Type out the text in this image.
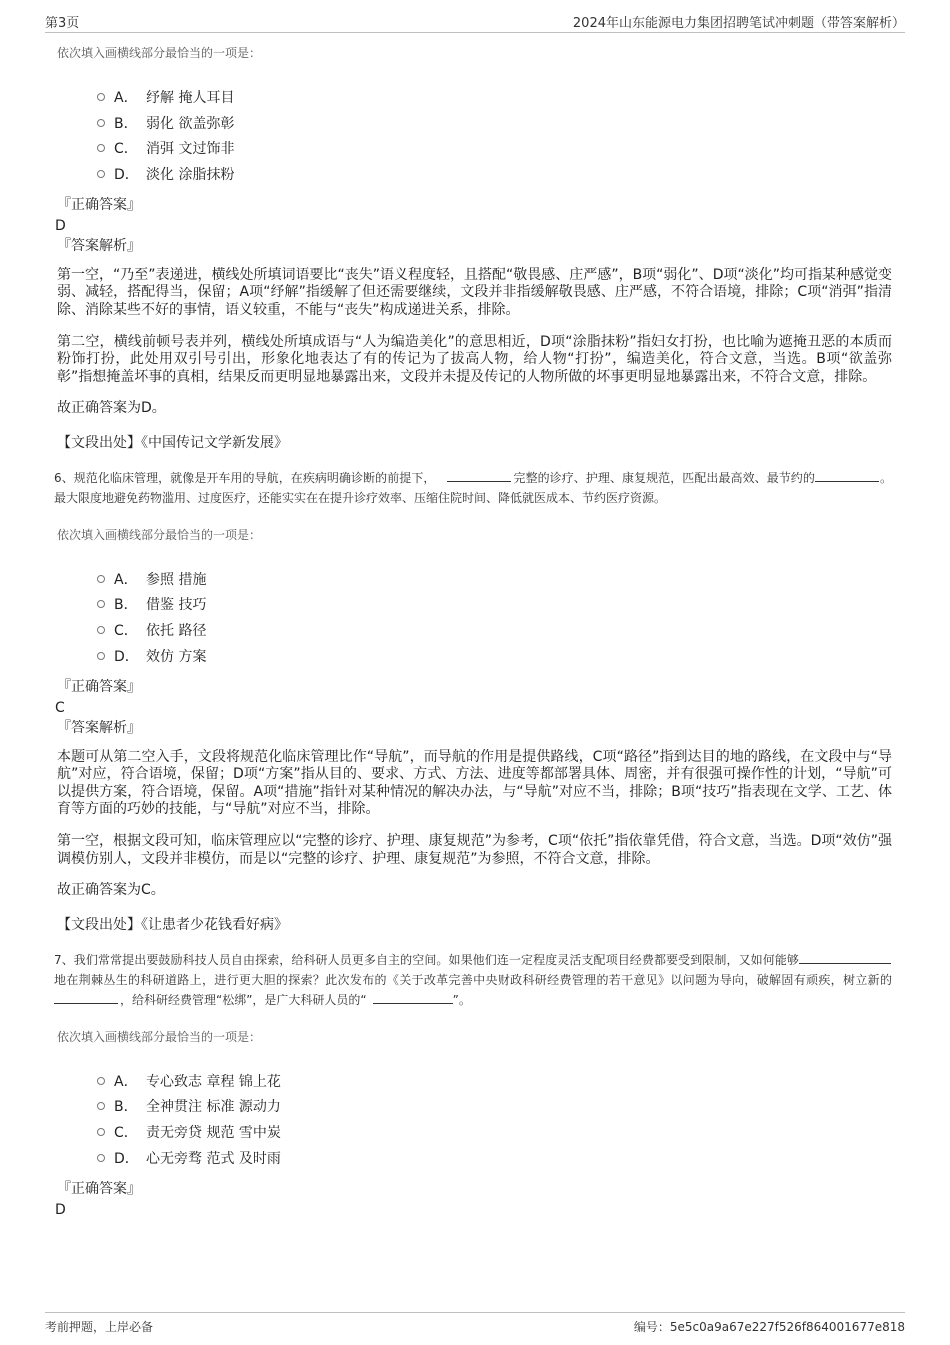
第3页	2024年山东能源电力集团招聘笔试冲刺题（带答案解析）

依次填入画横线部分最恰当的一项是：

A． 纾解 掩人耳目
B． 弱化 欲盖弥彰
C． 消弭 文过饰非
D． 淡化 涂脂抹粉

『正确答案』

D

『答案解析』

第一空，“乃至”表递进，横线处所填词语要比“丧失”语义程度轻，且搭配“敬畏感、庄严感”，B项“弱化”、D项“淡化”均可指某种感觉变弱、减轻，搭配得当，保留；A项“纾解”指缓解了但还需要继续，文段并非指缓解敬畏感、庄严感，不符合语境，排除；C项“消弭”指清除、消除某些不好的事情，语义较重，不能与“丧失”构成递进关系，排除。

第二空，横线前顿号表并列，横线处所填成语与“人为编造美化”的意思相近，D项“涂脂抹粉”指妇女打扮，也比喻为遮掩丑恶的本质而粉饰打扮，此处用双引号引出，形象化地表达了有的传记为了拔高人物，给人物“打扮”，编造美化，符合文意，当选。B项“欲盖弥彰”指想掩盖坏事的真相，结果反而更明显地暴露出来，文段并未提及传记的人物所做的坏事更明显地暴露出来，不符合文意，排除。

故正确答案为D。

【文段出处】《中国传记文学新发展》

6、规范化临床管理，就像是开车用的导航，在疾病明确诊断的前提下，	完整的诊疗、护理、康复规范，匹配出最高效、最节约的	。最大限度地避免药物滥用、过度医疗，还能实实在在提升诊疗效率、压缩住院时间、降低就医成本、节约医疗资源。

依次填入画横线部分最恰当的一项是：

A． 参照 措施
B． 借鉴 技巧
C． 依托 路径
D． 效仿 方案

『正确答案』

C

『答案解析』

本题可从第二空入手，文段将规范化临床管理比作“导航”，而导航的作用是提供路线，C项“路径”指到达目的地的路线，在文段中与“导航”对应，符合语境，保留；D项“方案”指从目的、要求、方式、方法、进度等都部署具体、周密，并有很强可操作性的计划，“导航”可以提供方案，符合语境，保留。A项“措施”指针对某种情况的解决办法，与“导航”对应不当，排除；B项“技巧”指表现在文学、工艺、体育等方面的巧妙的技能，与“导航”对应不当，排除。

第一空，根据文段可知，临床管理应以“完整的诊疗、护理、康复规范”为参考，C项“依托”指依靠凭借，符合文意，当选。D项“效仿”强调模仿别人，文段并非模仿，而是以“完整的诊疗、护理、康复规范”为参照，不符合文意，排除。

故正确答案为C。

【文段出处】《让患者少花钱看好病》

7、我们常常提出要鼓励科技人员自由探索，给科研人员更多自主的空间。如果他们连一定程度灵活支配项目经费都要受到限制，又如何能够地在荆棘丛生的科研道路上，进行更大胆的探索？此次发布的《关于改革完善中央财政科研经费管理的若干意见》以问题为导向，破解固有顽疾，树立新的，给科研经费管理“松绑”，是广大科研人员的“	”。

依次填入画横线部分最恰当的一项是：

A． 专心致志 章程 锦上花
B． 全神贯注 标准 源动力
C． 责无旁贷 规范 雪中炭
D． 心无旁骛 范式 及时雨

『正确答案』

D

考前押题，上岸必备	编号：5e5c0a9a67e227f526f864001677e818
